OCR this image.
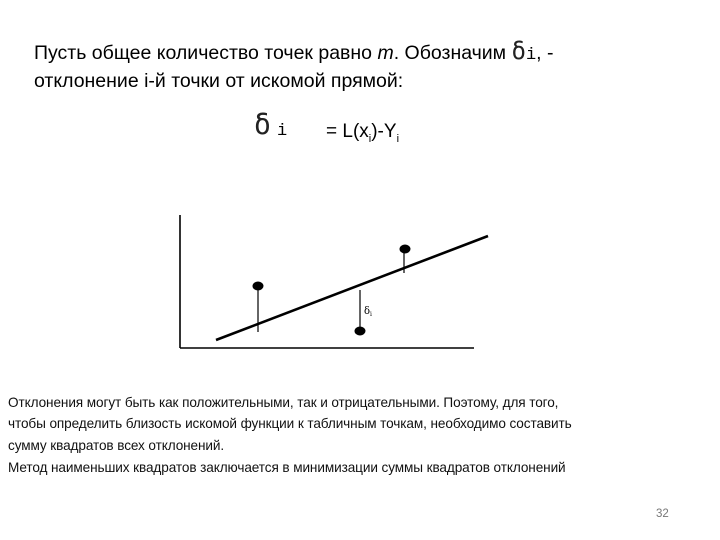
Пусть общее количество точек равно m. Обозначим δi, -
отклонение i-й точки от искомой прямой:
δ $i = L(x_i)-Y_i$
$\delta_i$
Отклонения могут быть как положительными, так и отрицательными. Поэтому, для того,
чтобы определить близость искомой функции к табличным точкам, необходимо составить
сумму квадратов всех отклонений.
Метод наименьших квадратов заключается в минимизации суммы квадратов отклонений
32
